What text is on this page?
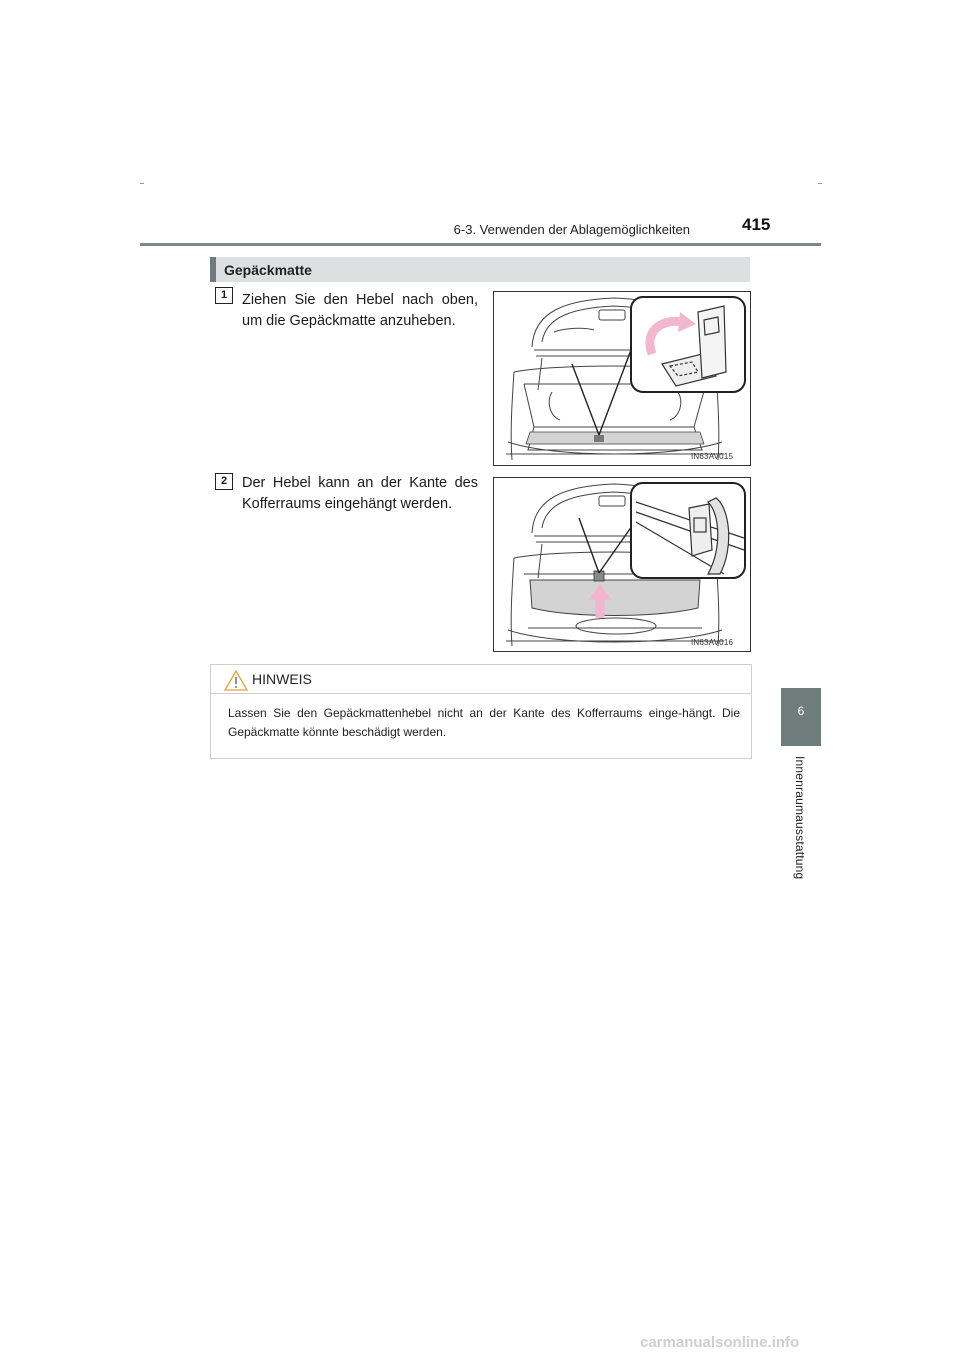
6-3. Verwenden der Ablagemöglichkeiten	415
6
Innenraumausstattung
Gepäckmatte
1	Ziehen Sie den Hebel nach oben, um die Gepäckmatte anzuheben.
IN63AV015
2	Der Hebel kann an der Kante des Kofferraums eingehängt werden.
IN63AV016
HINWEIS
Lassen Sie den Gepäckmattenhebel nicht an der Kante des Kofferraums einge-hängt. Die Gepäckmatte könnte beschädigt werden.
carmanualsonline.info
